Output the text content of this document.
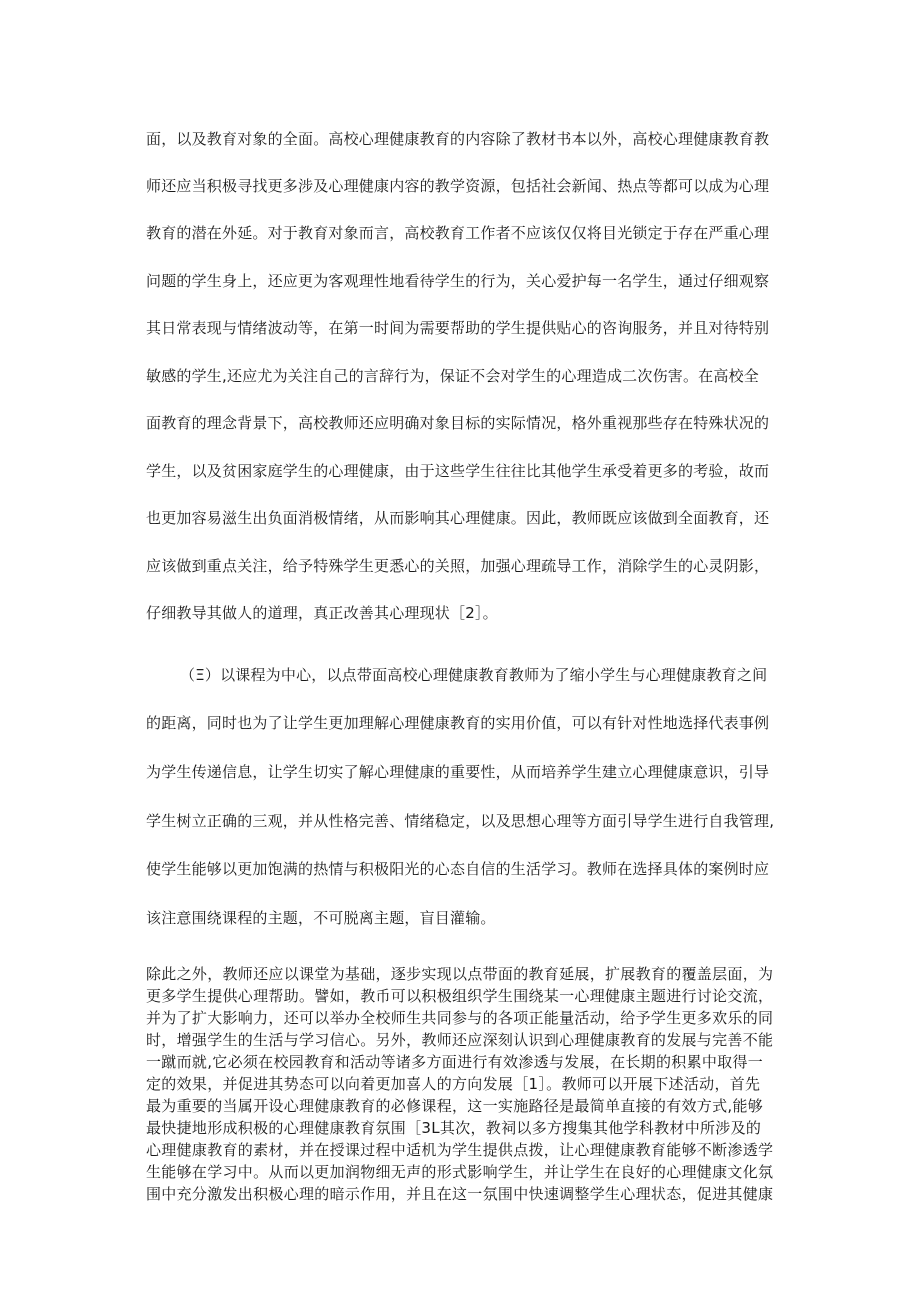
面，以及教育对象的全面。高校心理健康教育的内容除了教材书本以外，高校心理健康教育教

师还应当积极寻找更多涉及心理健康内容的教学资源，包括社会新闻、热点等都可以成为心理

教育的潜在外延。对于教育对象而言，高校教育工作者不应该仅仅将目光锁定于存在严重心理

问题的学生身上，还应更为客观理性地看待学生的行为，关心爱护每一名学生，通过仔细观察

其日常表现与情绪波动等，在第一时间为需要帮助的学生提供贴心的咨询服务，并且对待特别

敏感的学生,还应尤为关注自己的言辞行为，保证不会对学生的心理造成二次伤害。在高校全

面教育的理念背景下，高校教师还应明确对象目标的实际情况，格外重视那些存在特殊状况的

学生，以及贫困家庭学生的心理健康，由于这些学生往往比其他学生承受着更多的考验，故而

也更加容易滋生出负面消极情绪，从而影响其心理健康。因此，教师既应该做到全面教育，还

应该做到重点关注，给予特殊学生更悉心的关照，加强心理疏导工作，消除学生的心灵阴影，

仔细教导其做人的道理，真正改善其心理现状［2］。

（Ξ）以课程为中心，以点带面高校心理健康教育教师为了缩小学生与心理健康教育之间

的距离，同时也为了让学生更加理解心理健康教育的实用价值，可以有针对性地选择代表事例

为学生传递信息，让学生切实了解心理健康的重要性，从而培养学生建立心理健康意识，引导

学生树立正确的三观，并从性格完善、情绪稳定，以及思想心理等方面引导学生进行自我管理,

使学生能够以更加饱满的热情与积极阳光的心态自信的生活学习。教师在选择具体的案例时应

该注意围绕课程的主题，不可脱离主题，盲目灌输。

除此之外，教师还应以课堂为基础，逐步实现以点带面的教育延展，扩展教育的覆盖层面，为

更多学生提供心理帮助。譬如，教币可以积极组织学生围绕某一心理健康主题进行讨论交流，

并为了扩大影响力，还可以举办全校师生共同参与的各项正能量活动，给予学生更多欢乐的同

时，增强学生的生活与学习信心。另外，教师还应深刻认识到心理健康教育的发展与完善不能

一蹴而就,它必须在校园教育和活动等诸多方面进行有效渗透与发展，在长期的积累中取得一

定的效果，并促进其势态可以向着更加喜人的方向发展［1］。教师可以开展下述活动，首先

最为重要的当属开设心理健康教育的必修课程，这一实施路径是最简单直接的有效方式,能够

最快捷地形成积极的心理健康教育氛围［3L其次，教祠以多方搜集其他学科教材中所涉及的

心理健康教育的素材，并在授课过程中适机为学生提供点拨，让心理健康教育能够不断渗透学

生能够在学习中。从而以更加润物细无声的形式影响学生，并让学生在良好的心理健康文化氛

围中充分激发出积极心理的暗示作用，并且在这一氛围中快速调整学生心理状态，促进其健康
